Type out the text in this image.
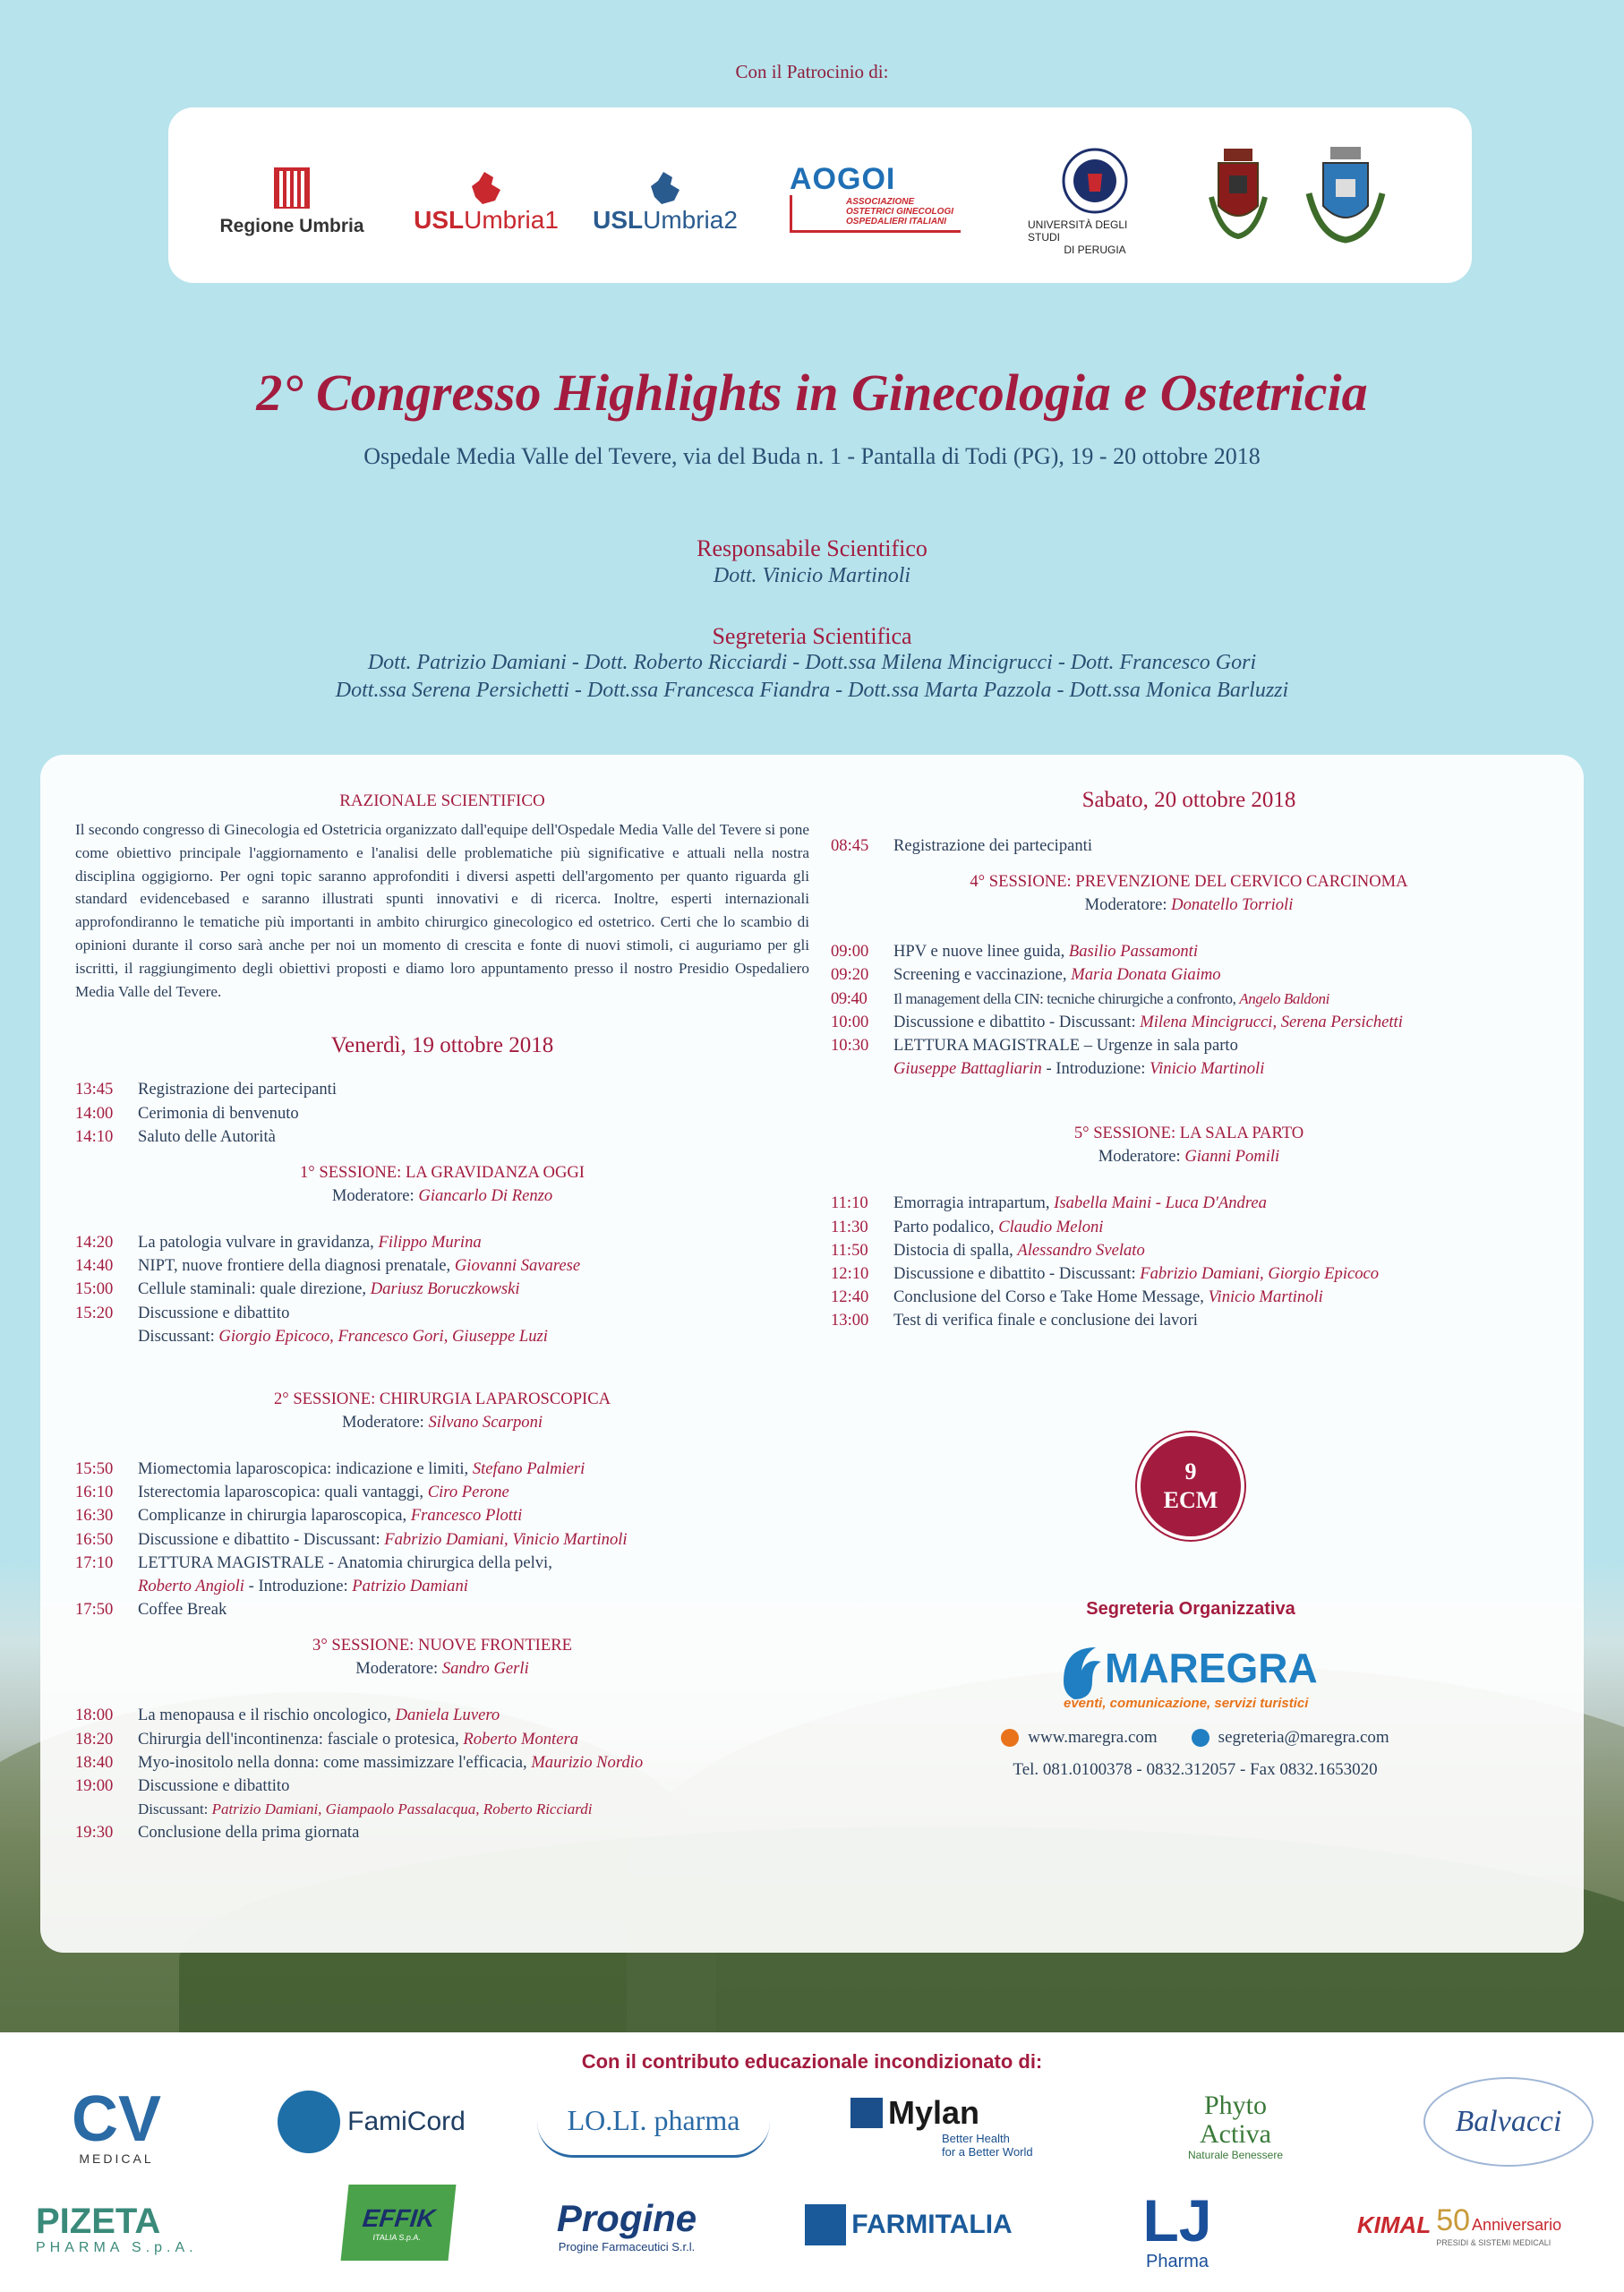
Con il Patrocinio di:
Regione Umbria USLUmbria1 USLUmbria2
AOGOI
ASSOCIAZIONE
OSTETRICI GINECOLOGI
OSPEDALIERI ITALIANI	UNIVERSITÀ DEGLI STUDI
DI PERUGIA
2° Congresso Highlights in Ginecologia e Ostetricia
Ospedale Media Valle del Tevere, via del Buda n. 1 - Pantalla di Todi (PG), 19 - 20 ottobre 2018
Responsabile Scientifico
Dott. Vinicio Martinoli
Segreteria Scientifica
Dott. Patrizio Damiani - Dott. Roberto Ricciardi - Dott.ssa Milena Mincigrucci - Dott. Francesco Gori
Dott.ssa Serena Persichetti - Dott.ssa Francesca Fiandra - Dott.ssa Marta Pazzola - Dott.ssa Monica Barluzzi
RAZIONALE SCIENTIFICO
Il secondo congresso di Ginecologia ed Ostetricia organizzato dall'equipe dell'Ospedale Media Valle del Tevere si pone come obiettivo principale l'aggiornamento e l'analisi delle problematiche più significative e attuali nella nostra disciplina oggigiorno. Per ogni topic saranno approfonditi i diversi aspetti dell'argomento per quanto riguarda gli standard evidencebased e saranno illustrati spunti innovativi e di ricerca. Inoltre, esperti internazionali approfondiranno le tematiche più importanti in ambito chirurgico ginecologico ed ostetrico. Certi che lo scambio di opinioni durante il corso sarà anche per noi un momento di crescita e fonte di nuovi stimoli, ci auguriamo per gli iscritti, il raggiungimento degli obiettivi proposti e diamo loro appuntamento presso il nostro Presidio Ospedaliero Media Valle del Tevere.
Venerdì, 19 ottobre 2018
13:45	Registrazione dei partecipanti
14:00	Cerimonia di benvenuto
14:10	Saluto delle Autorità
1° SESSIONE: LA GRAVIDANZA OGGI
Moderatore: Giancarlo Di Renzo
14:20	La patologia vulvare in gravidanza, Filippo Murina
14:40	NIPT, nuove frontiere della diagnosi prenatale, Giovanni Savarese
15:00	Cellule staminali: quale direzione, Dariusz Boruczkowski
15:20	Discussione e dibattito
Discussant: Giorgio Epicoco, Francesco Gori, Giuseppe Luzi
2° SESSIONE: CHIRURGIA LAPAROSCOPICA
Moderatore: Silvano Scarponi
15:50	Miomectomia laparoscopica: indicazione e limiti, Stefano Palmieri
16:10	Isterectomia laparoscopica: quali vantaggi, Ciro Perone
16:30	Complicanze in chirurgia laparoscopica, Francesco Plotti
16:50	Discussione e dibattito - Discussant: Fabrizio Damiani, Vinicio Martinoli
17:10	LETTURA MAGISTRALE - Anatomia chirurgica della pelvi,
Roberto Angioli - Introduzione: Patrizio Damiani
17:50	Coffee Break
3° SESSIONE: NUOVE FRONTIERE
Moderatore: Sandro Gerli
18:00	La menopausa e il rischio oncologico, Daniela Luvero
18:20	Chirurgia dell'incontinenza: fasciale o protesica, Roberto Montera
18:40	Myo-inositolo nella donna: come massimizzare l'efficacia, Maurizio Nordio
19:00	Discussione e dibattito
Discussant: Patrizio Damiani, Giampaolo Passalacqua, Roberto Ricciardi
19:30	Conclusione della prima giornata
Sabato, 20 ottobre 2018
08:45	Registrazione dei partecipanti
4° SESSIONE: PREVENZIONE DEL CERVICO CARCINOMA
Moderatore: Donatello Torrioli
09:00	HPV e nuove linee guida, Basilio Passamonti
09:20	Screening e vaccinazione, Maria Donata Giaimo
09:40	Il management della CIN: tecniche chirurgiche a confronto, Angelo Baldoni
10:00	Discussione e dibattito - Discussant: Milena Mincigrucci, Serena Persichetti
10:30	LETTURA MAGISTRALE – Urgenze in sala parto
Giuseppe Battagliarin - Introduzione: Vinicio Martinoli
5° SESSIONE: LA SALA PARTO
Moderatore: Gianni Pomili
11:10	Emorragia intrapartum, Isabella Maini - Luca D'Andrea
11:30	Parto podalico, Claudio Meloni
11:50	Distocia di spalla, Alessandro Svelato
12:10	Discussione e dibattito - Discussant: Fabrizio Damiani, Giorgio Epicoco
12:40	Conclusione del Corso e Take Home Message, Vinicio Martinoli
13:00	Test di verifica finale e conclusione dei lavori
9
ECM
Segreteria Organizzativa
MAREGRA
eventi, comunicazione, servizi turistici
www.maregra.com	segreteria@maregra.com
Tel. 081.0100378 - 0832.312057 - Fax 0832.1653020
Con il contributo educazionale incondizionato di:
CV
MEDICAL
FamiCord	LO.LI. pharma	Mylan
Better Health
for a Better World
Phyto
Activa
Naturale Benessere
Balvacci
PIZETA
PHARMA S.p.A.
EFFIK
ITALIA S.p.A.	Progine
Progine Farmaceutici S.r.l.
FARMITALIA LJ
Pharma
KIMAL 50 Anniversario
PRESIDI & SISTEMI MEDICALI
